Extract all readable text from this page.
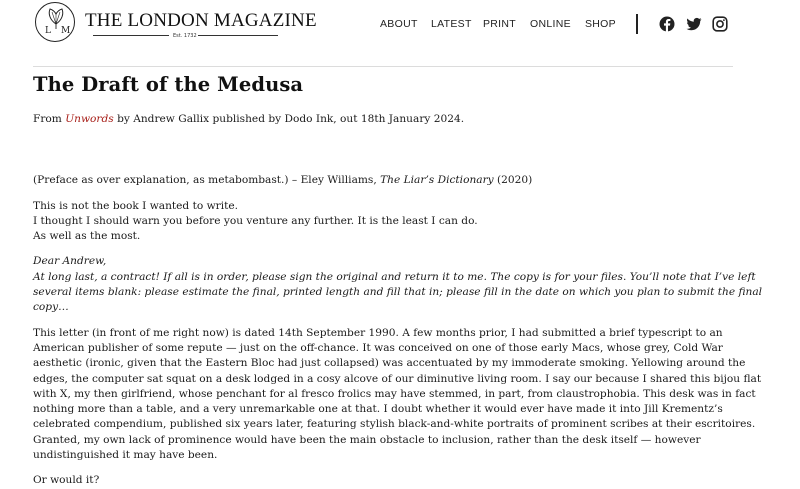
L M THE LONDON MAGAZINE
Est. 1732
ABOUT LATEST PRINT ONLINE SHOP
The Draft of the Medusa

From Unwords by Andrew Gallix published by Dodo Ink, out 18th January 2024.

(Preface as over explanation, as metabombast.) – Eley Williams, The Liar’s Dictionary (2020)

This is not the book I wanted to write.
I thought I should warn you before you venture any further. It is the least I can do.
As well as the most.

Dear Andrew,
At long last, a contract! If all is in order, please sign the original and return it to me. The copy is for your files. You’ll note that I’ve left several items blank: please estimate the final, printed length and fill that in; please fill in the date on which you plan to submit the final copy…

This letter (in front of me right now) is dated 14th September 1990. A few months prior, I had submitted a brief typescript to an American publisher of some repute — just on the off-chance. It was conceived on one of those early Macs, whose grey, Cold War aesthetic (ironic, given that the Eastern Bloc had just collapsed) was accentuated by my immoderate smoking. Yellowing around the edges, the computer sat squat on a desk lodged in a cosy alcove of our diminutive living room. I say our because I shared this bijou flat with X, my then girlfriend, whose penchant for al fresco frolics may have stemmed, in part, from claustrophobia. This desk was in fact nothing more than a table, and a very unremarkable one at that. I doubt whether it would ever have made it into Jill Krementz’s celebrated compendium, published six years later, featuring stylish black-and-white portraits of prominent scribes at their escritoires. Granted, my own lack of prominence would have been the main obstacle to inclusion, rather than the desk itself — however undistinguished it may have been.

Or would it?
